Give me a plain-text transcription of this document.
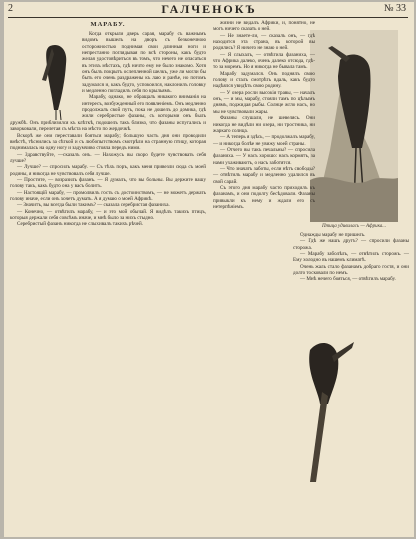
2	ГАЛЧЕНОКЪ	№ 33
Птица удивилась — Африка...
МАРАБУ.

Когда открыли дверь сарая, марабу съ важнымъ видомъ вышелъ на дворъ съ безконечною осторожностью поднимая свои длинныя ноги и непрестанно поглядывая по всѣ стороны, какъ будто желая удостовѣриться въ томъ, что нечего не опасаться въ этихъ мѣстахъ, гдѣ ничто ему не было знакомо. Хотя онъ былъ покрытъ ослепленной шелкъ, уже ли могли бы быть его очень раздражены къ лаю и ранѣе, но потомъ задумался и, какъ будто, успокоился, наклонилъ головку и медленно погладилъ себя по крыльямъ.

Марабу, однако, не обращалъ никакого вниманія на интересъ, возбужденный его появленіемъ. Онъ медленно продолжалъ свой путь, пока не дошелъ до домика, гдѣ жили серебристые фазаны, съ которыми онъ былъ дружбѣ. Онъ приблизился къ клѣткѣ, подошелъ такъ близко, что фазаны испугались и заворковали, перелетая съ мѣста на мѣсто по жердочкѣ.

Вскорѣ же они переставали бояться марабу; большую часть дня они проводили вмѣстѣ, тѣснились за сѣткой и съ любопытствомъ смотрѣли на странную птицу, которая поднималась на одну ногу и задумчиво стояла передъ ними.

— Здравствуйте, —сказалъ онъ. — Нахожусь вы скоро будете чувствовать себя лучше?

— Лучше? — спросилъ марабу. — Съ тѣхъ поръ, какъ меня привезли сюда съ моей родины, я никогда не чувствовалъ себя лучше.

— Простите, — возразилъ фазанъ. — Я думалъ, что вы больны. Вы держите вашу голову такъ, какъ будто она у васъ болитъ.

— Настоящій марабу, — промолвилъ гость съ достоинствомъ, — не можетъ держать голову иначе, если онъ хочетъ думать. А я думаю о моей Африкѣ.

— Значитъ, вы всегда были такимъ? — сказала серебристая фазаниха.

— Конечно, — отвѣтилъ марабу, — и это мой обычай. Я видѣлъ такихъ птицъ, которыя держали себя совсѣмъ иначе, и мнѣ было за нихъ стыдно.

Серебристый фазанъ никогда не слыхивалъ такихъ рѣчей.

жизни не видалъ Африки, и, понятно, не могъ ничего сказать о ней.

— Не знаете-ли, — сказалъ онъ, — гдѣ находится эта страна, въ которой вы родились? Я ничего не знаю о ней.

— Я слыхалъ, — отвѣтила фазаниха, — что Африка далеко, очень далеко отсюда, гдѣ-то за моремъ. Но я никогда не бывала тамъ.

Марабу задумался. Онъ поднялъ свою голову и сталъ смотрѣть вдаль, какъ будто надѣялся увидѣть свою родину.

— У озера росли высокія травы, — началъ онъ, — и мы, марабу, стояли тамъ по цѣлымъ днямъ, поджидая рыбы. Солнце жгло насъ, но мы не чувствовали жары.

Фазаны слушали, не шевелясь. Они никогда не видѣли ни озера, ни тростника, ни жаркаго солнца.

— А теперь я здѣсь, — продолжалъ марабу, — и никогда болѣе не увижу моей страны.

— Отчего вы такъ печальны? — спросила фазаниха. — У насъ хорошо: насъ кормятъ, за нами ухаживаютъ, о насъ заботятся.

— Что значатъ заботы, если нѣтъ свободы? — отвѣтилъ марабу и медленно удалился въ свой сарай.

Съ этого дня марабу часто приходилъ къ фазанамъ, и они подолгу бесѣдовали. Фазаны привыкли къ нему и ждали его съ нетерпѣніемъ.

Однажды марабу не пришелъ.

— Гдѣ же нашъ другъ? — спросили фазаны сторожа.

— Марабу заболѣлъ, — отвѣтилъ сторожъ. — Ему холодно въ нашемъ климатѣ.

Очень жаль стало фазанамъ добраго гостя, и они долго тосковали по немъ.

— Мнѣ нечего бояться, — отвѣтилъ марабу.
